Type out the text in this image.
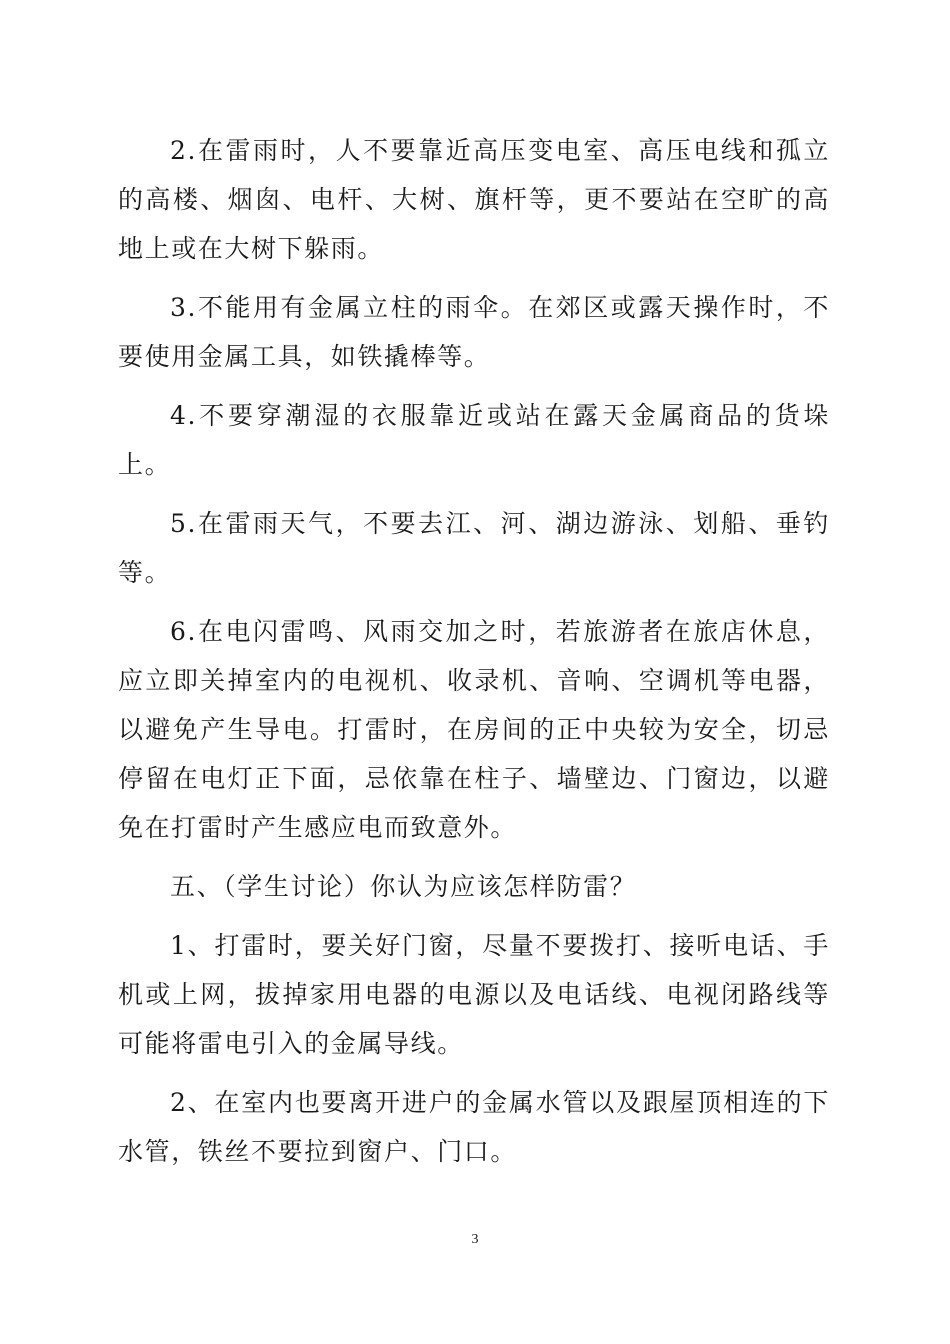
2.在雷雨时，人不要靠近高压变电室、高压电线和孤立的高楼、烟囱、电杆、大树、旗杆等，更不要站在空旷的高地上或在大树下躲雨。

3.不能用有金属立柱的雨伞。在郊区或露天操作时，不要使用金属工具，如铁撬棒等。

4.不要穿潮湿的衣服靠近或站在露天金属商品的货垛上。

5.在雷雨天气，不要去江、河、湖边游泳、划船、垂钓等。

6.在电闪雷鸣、风雨交加之时，若旅游者在旅店休息，应立即关掉室内的电视机、收录机、音响、空调机等电器，以避免产生导电。打雷时，在房间的正中央较为安全，切忌停留在电灯正下面，忌依靠在柱子、墙壁边、门窗边，以避免在打雷时产生感应电而致意外。

五、（学生讨论）你认为应该怎样防雷？

1、打雷时，要关好门窗，尽量不要拨打、接听电话、手机或上网，拔掉家用电器的电源以及电话线、电视闭路线等可能将雷电引入的金属导线。

2、在室内也要离开进户的金属水管以及跟屋顶相连的下水管，铁丝不要拉到窗户、门口。

3
